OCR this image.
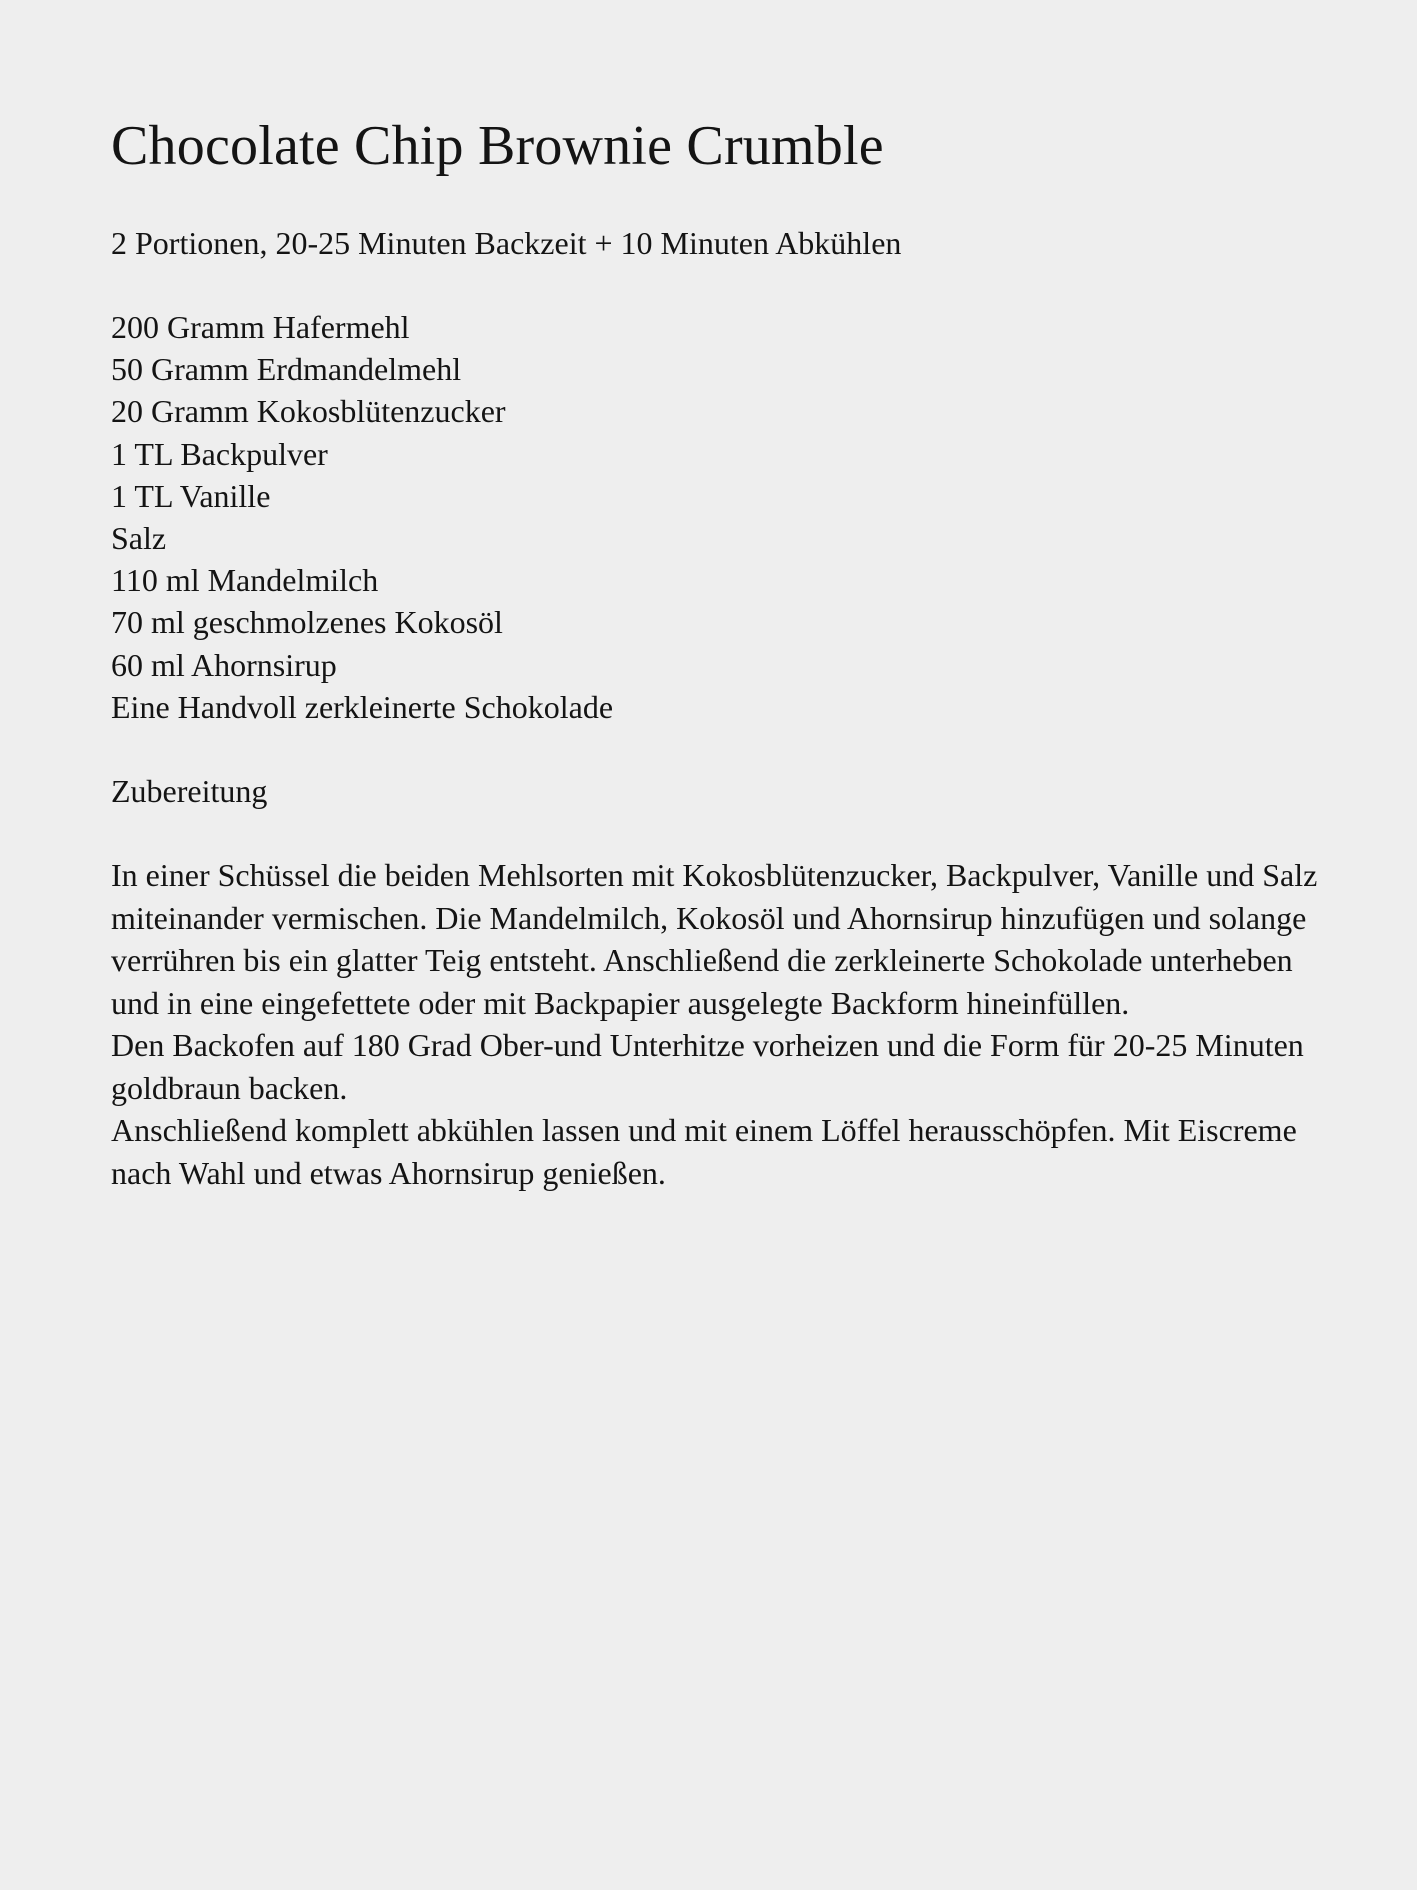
Chocolate Chip Brownie Crumble

2 Portionen, 20-25 Minuten Backzeit + 10 Minuten Abkühlen

200 Gramm Hafermehl
50 Gramm Erdmandelmehl
20 Gramm Kokosblütenzucker
1 TL Backpulver
1 TL Vanille
Salz
110 ml Mandelmilch
70 ml geschmolzenes Kokosöl
60 ml Ahornsirup
Eine Handvoll zerkleinerte Schokolade
Zubereitung

In einer Schüssel die beiden Mehlsorten mit Kokosblütenzucker, Backpulver, Vanille und Salz miteinander vermischen. Die Mandelmilch, Kokosöl und Ahornsirup hinzufügen und solange verrühren bis ein glatter Teig entsteht. Anschließend die zerkleinerte Schokolade unterheben und in eine eingefettete oder mit Backpapier ausgelegte Backform hineinfüllen.

Den Backofen auf 180 Grad Ober-und Unterhitze vorheizen und die Form für 20-25 Minuten goldbraun backen.

Anschließend komplett abkühlen lassen und mit einem Löffel herausschöpfen. Mit Eiscreme nach Wahl und etwas Ahornsirup genießen.
